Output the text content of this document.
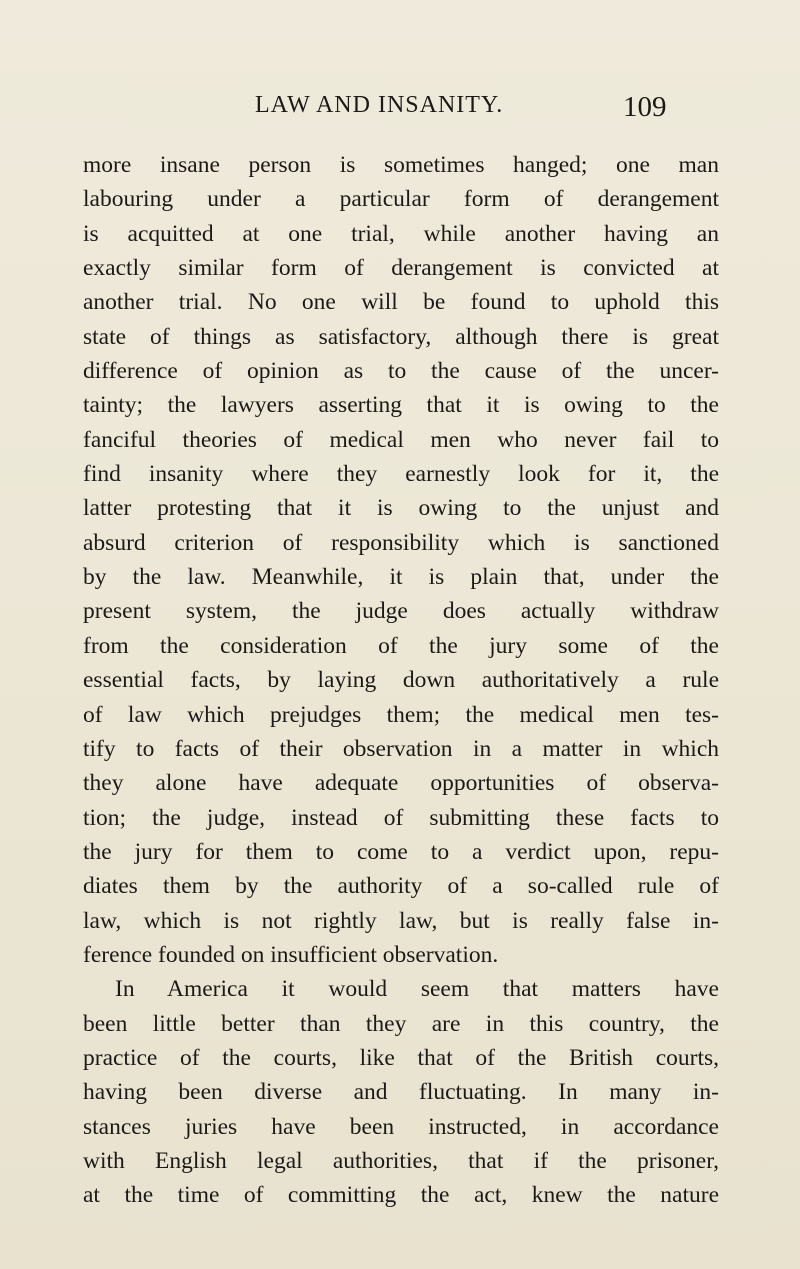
LAW AND INSANITY.	109
more insane person is sometimes hanged; one man
labouring under a particular form of derangement
is acquitted at one trial, while another having an
exactly similar form of derangement is convicted at
another trial. No one will be found to uphold this
state of things as satisfactory, although there is great
difference of opinion as to the cause of the uncer-
tainty; the lawyers asserting that it is owing to the
fanciful theories of medical men who never fail to
find insanity where they earnestly look for it, the
latter protesting that it is owing to the unjust and
absurd criterion of responsibility which is sanctioned
by the law. Meanwhile, it is plain that, under the
present system, the judge does actually withdraw
from the consideration of the jury some of the
essential facts, by laying down authoritatively a rule
of law which prejudges them; the medical men tes-
tify to facts of their observation in a matter in which
they alone have adequate opportunities of observa-
tion; the judge, instead of submitting these facts to
the jury for them to come to a verdict upon, repu-
diates them by the authority of a so-called rule of
law, which is not rightly law, but is really false in-
ference founded on insufficient observation.
In America it would seem that matters have
been little better than they are in this country, the
practice of the courts, like that of the British courts,
having been diverse and fluctuating. In many in-
stances juries have been instructed, in accordance
with English legal authorities, that if the prisoner,
at the time of committing the act, knew the nature
